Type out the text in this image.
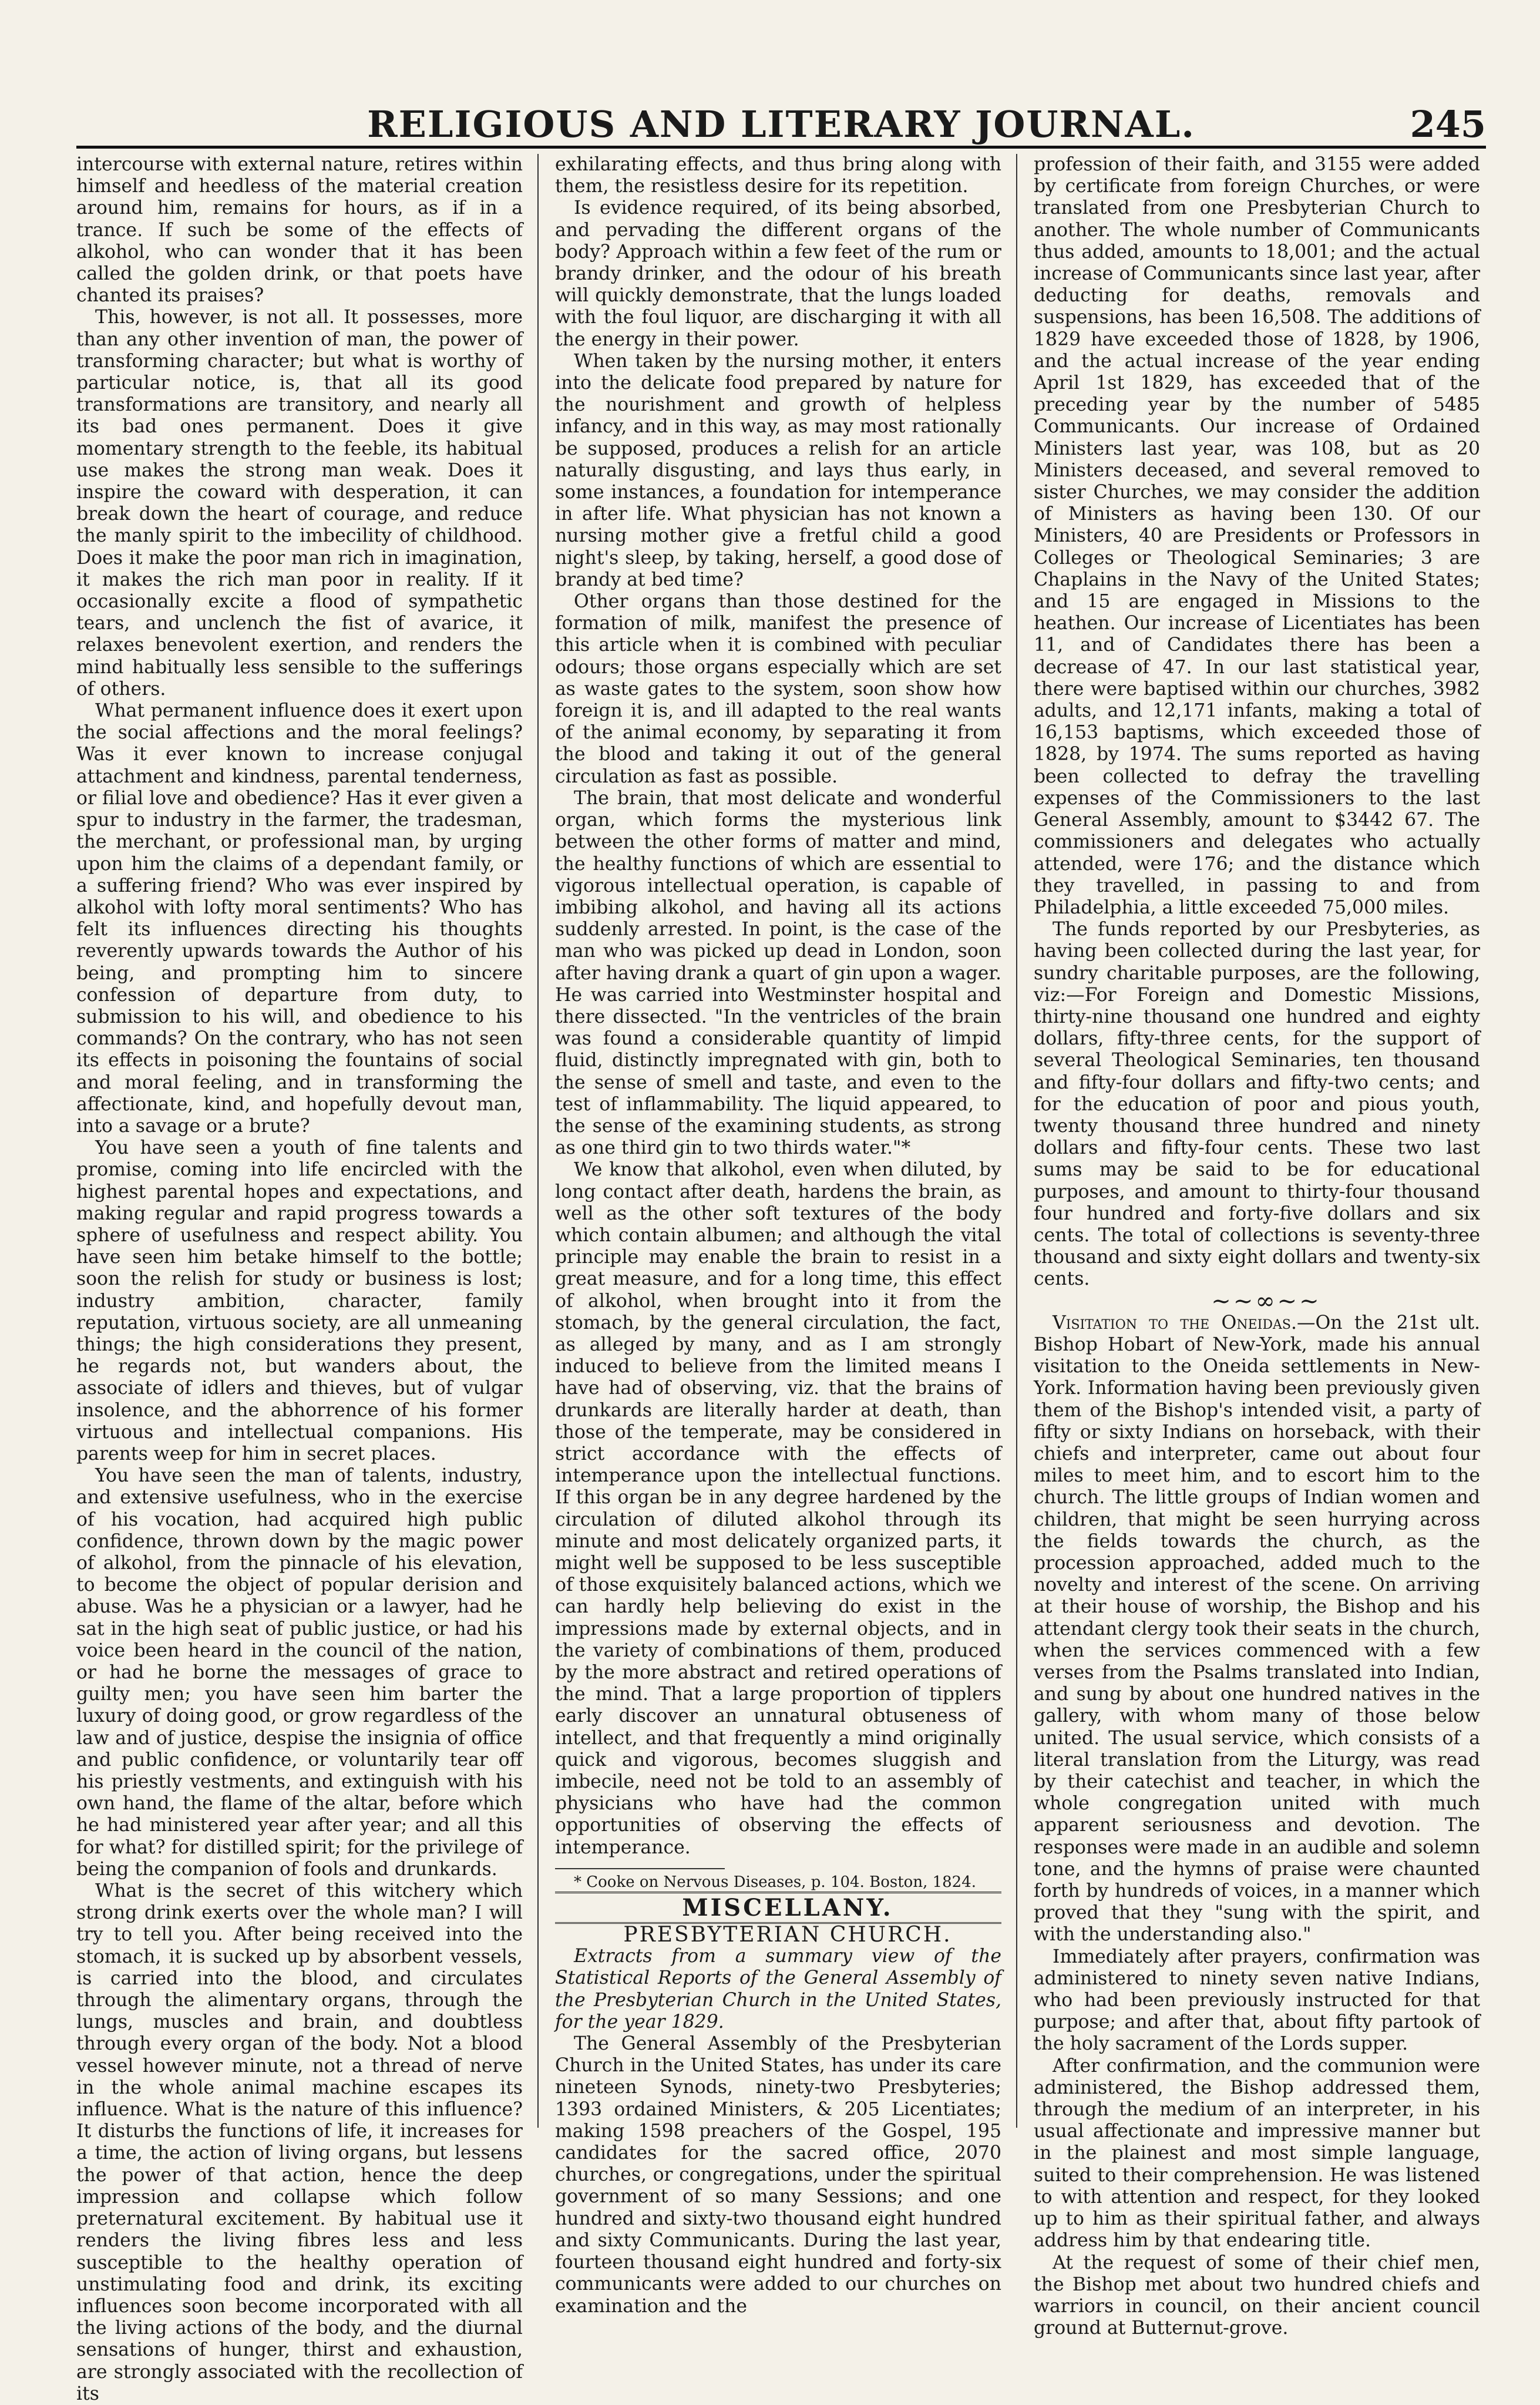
RELIGIOUS AND LITERARY JOURNAL.	245

intercourse with external nature, retires within himself and heedless of the material creation around him, remains for hours, as if in a trance. If such be some of the effects of alkohol, who can wonder that it has been called the golden drink, or that poets have chanted its praises?

This, however, is not all. It possesses, more than any other invention of man, the power of transforming character; but what is worthy of particular notice, is, that all its good transformations are transitory, and nearly all its bad ones permanent. Does it give momentary strength to the feeble, its habitual use makes the strong man weak. Does it inspire the coward with desperation, it can break down the heart of courage, and reduce the manly spirit to the imbecility of childhood. Does it make the poor man rich in imagination, it makes the rich man poor in reality. If it occasionally excite a flood of sympathetic tears, and unclench the fist of avarice, it relaxes benevolent exertion, and renders the mind habitually less sensible to the sufferings of others.

What permanent influence does it exert upon the social affections and the moral feelings? Was it ever known to increase conjugal attachment and kindness, parental tenderness, or filial love and obedience? Has it ever given a spur to industry in the farmer, the tradesman, the merchant, or professional man, by urging upon him the claims of a dependant family, or a suffering friend? Who was ever inspired by alkohol with lofty moral sentiments? Who has felt its influences directing his thoughts reverently upwards towards the Author of his being, and prompting him to sincere confession of departure from duty, to submission to his will, and obedience to his commands? On the contrary, who has not seen its effects in poisoning the fountains of social and moral feeling, and in transforming the affectionate, kind, and hopefully devout man, into a savage or a brute?

You have seen a youth of fine talents and promise, coming into life encircled with the highest parental hopes and expectations, and making regular and rapid progress towards a sphere of usefulness and respect ability. You have seen him betake himself to the bottle; soon the relish for study or business is lost; industry ambition, character, family reputation, virtuous society, are all unmeaning things; the high considerations they present, he regards not, but wanders about, the associate of idlers and thieves, but of vulgar insolence, and the abhorrence of his former virtuous and intellectual companions. His parents weep for him in secret places.

You have seen the man of talents, industry, and extensive usefulness, who in the exercise of his vocation, had acquired high public confidence, thrown down by the magic power of alkohol, from the pinnacle of his elevation, to become the object of popular derision and abuse. Was he a physician or a lawyer, had he sat in the high seat of public justice, or had his voice been heard in the council of the nation, or had he borne the messages of grace to guilty men; you have seen him barter the luxury of doing good, or grow regardless of the law and of justice, despise the insignia of office and public confidence, or voluntarily tear off his priestly vestments, and extinguish with his own hand, the flame of the altar, before which he had ministered year after year; and all this for what? for distilled spirit; for the privilege of being the companion of fools and drunkards.

What is the secret of this witchery which strong drink exerts over the whole man? I will try to tell you. After being received into the stomach, it is sucked up by absorbent vessels, is carried into the blood, and circulates through the alimentary organs, through the lungs, muscles and brain, and doubtless through every organ of the body. Not a blood vessel however minute, not a thread of nerve in the whole animal machine escapes its influence. What is the nature of this influence? It disturbs the functions of life, it increases for a time, the action of living organs, but lessens the power of that action, hence the deep impression and collapse which follow preternatural excitement. By habitual use it renders the living fibres less and less susceptible to the healthy operation of unstimulating food and drink, its exciting influences soon become incorporated with all the living actions of the body, and the diurnal sensations of hunger, thirst and exhaustion, are strongly associated with the recollection of its

exhilarating effects, and thus bring along with them, the resistless desire for its repetition.

Is evidence required, of its being absorbed, and pervading the different organs of the body? Approach within a few feet of the rum or brandy drinker, and the odour of his breath will quickly demonstrate, that the lungs loaded with the foul liquor, are discharging it with all the energy in their power.

When taken by the nursing mother, it enters into the delicate food prepared by nature for the nourishment and growth of helpless infancy, and in this way, as may most rationally be supposed, produces a relish for an article naturally disgusting, and lays thus early, in some instances, a foundation for intemperance in after life. What physician has not known a nursing mother give a fretful child a good night's sleep, by taking, herself, a good dose of brandy at bed time?

Other organs than those destined for the formation of milk, manifest the presence of this article when it is combined with peculiar odours; those organs especially which are set as waste gates to the system, soon show how foreign it is, and ill adapted to the real wants of the animal economy, by separating it from the blood and taking it out of the general circulation as fast as possible.

The brain, that most delicate and wonderful organ, which forms the mysterious link between the other forms of matter and mind, the healthy functions of which are essential to vigorous intellectual operation, is capable of imbibing alkohol, and having all its actions suddenly arrested. In point, is the case of the man who was picked up dead in London, soon after having drank a quart of gin upon a wager. He was carried into Westminster hospital and there dissected. "In the ventricles of the brain was found a considerable quantity of limpid fluid, distinctly impregnated with gin, both to the sense of smell and taste, and even to the test of inflammability. The liquid appeared, to the sense of the examining students, as strong as one third gin to two thirds water."*

We know that alkohol, even when diluted, by long contact after death, hardens the brain, as well as the other soft textures of the body which contain albumen; and although the vital principle may enable the brain to resist in a great measure, and for a long time, this effect of alkohol, when brought into it from the stomach, by the general circulation, the fact, as alleged by many, and as I am strongly induced to believe from the limited means I have had of observing, viz. that the brains of drunkards are literally harder at death, than those of the temperate, may be considered in strict accordance with the effects of intemperance upon the intellectual functions. If this organ be in any degree hardened by the circulation of diluted alkohol through its minute and most delicately organized parts, it might well be supposed to be less susceptible of those exquisitely balanced actions, which we can hardly help believing do exist in the impressions made by external objects, and in the variety of combinations of them, produced by the more abstract and retired operations of the mind. That a large proportion of tipplers early discover an unnatural obtuseness of intellect, and that frequently a mind originally quick and vigorous, becomes sluggish and imbecile, need not be told to an assembly of physicians who have had the common opportunities of observing the effects of intemperance.

* Cooke on Nervous Diseases, p. 104. Boston, 1824.

MISCELLANY.

PRESBYTERIAN CHURCH.

Extracts from a summary view of the Statistical Reports of the General Assembly of the Presbyterian Church in the United States, for the year 1829.

The General Assembly of the Presbyterian Church in the United States, has under its care nineteen Synods, ninety-two Presbyteries; 1393 ordained Ministers, & 205 Licentiates; making 1598 preachers of the Gospel, 195 candidates for the sacred office, 2070 churches, or congregations, under the spiritual government of so many Sessions; and one hundred and sixty-two thousand eight hundred and sixty Communicants. During the last year, fourteen thousand eight hundred and forty-six communicants were added to our churches on examination and the

profession of their faith, and 3155 were added by certificate from foreign Churches, or were translated from one Presbyterian Church to another. The whole number of Communicants thus added, amounts to 18,001; and the actual increase of Communicants since last year, after deducting for deaths, removals and suspensions, has been 16,508. The additions of 1829 have exceeded those of 1828, by 1906, and the actual increase of the year ending April 1st 1829, has exceeded that of the preceding year by the number of 5485 Communicants. Our increase of Ordained Ministers last year, was 108, but as 20 Ministers deceased, and several removed to sister Churches, we may consider the addition of Ministers as having been 130. Of our Ministers, 40 are Presidents or Professors in Colleges or Theological Seminaries; 3 are Chaplains in the Navy of the United States; and 15 are engaged in Missions to the heathen. Our increase of Licentiates has been 11, and of Candidates there has been a decrease of 47. In our last statistical year, there were baptised within our churches, 3982 adults, and 12,171 infants, making a total of 16,153 baptisms, which exceeded those of 1828, by 1974. The sums reported as having been collected to defray the travelling expenses of the Commissioners to the last General Assembly, amount to $3442 67. The commissioners and delegates who actually attended, were 176; and the distance which they travelled, in passing to and from Philadelphia, a little exceeded 75,000 miles.

The funds reported by our Presbyteries, as having been collected during the last year, for sundry charitable purposes, are the following, viz:—For Foreign and Domestic Missions, thirty-nine thousand one hundred and eighty dollars, fifty-three cents, for the support of several Theological Seminaries, ten thousand and fifty-four dollars and fifty-two cents; and for the education of poor and pious youth, twenty thousand three hundred and ninety dollars and fifty-four cents. These two last sums may be said to be for educational purposes, and amount to thirty-four thousand four hundred and forty-five dollars and six cents. The total of collections is seventy-three thousand and sixty eight dollars and twenty-six cents.

~~∞~~

Visitation to the Oneidas.—On the 21st ult. Bishop Hobart of New-York, made his annual visitation to the Oneida settlements in New-York. Information having been previously given them of the Bishop's intended visit, a party of fifty or sixty Indians on horseback, with their chiefs and interpreter, came out about four miles to meet him, and to escort him to the church. The little groups of Indian women and children, that might be seen hurrying across the fields towards the church, as the procession approached, added much to the novelty and interest of the scene. On arriving at their house of worship, the Bishop and his attendant clergy took their seats in the church, when the services commenced with a few verses from the Psalms translated into Indian, and sung by about one hundred natives in the gallery, with whom many of those below united. The usual service, which consists of a literal translation from the Liturgy, was read by their catechist and teacher, in which the whole congregation united with much apparent seriousness and devotion. The responses were made in an audible and solemn tone, and the hymns of praise were chaunted forth by hundreds of voices, in a manner which proved that they "sung with the spirit, and with the understanding also."

Immediately after prayers, confirmation was administered to ninety seven native Indians, who had been previously instructed for that purpose; and after that, about fifty partook of the holy sacrament of the Lords supper.

After confirmation, and the communion were administered, the Bishop addressed them, through the medium of an interpreter, in his usual affectionate and impressive manner but in the plainest and most simple language, suited to their comprehension. He was listened to with attention and respect, for they looked up to him as their spiritual father, and always address him by that endearing title.

At the request of some of their chief men, the Bishop met about two hundred chiefs and warriors in council, on their ancient council ground at Butternut-grove.
